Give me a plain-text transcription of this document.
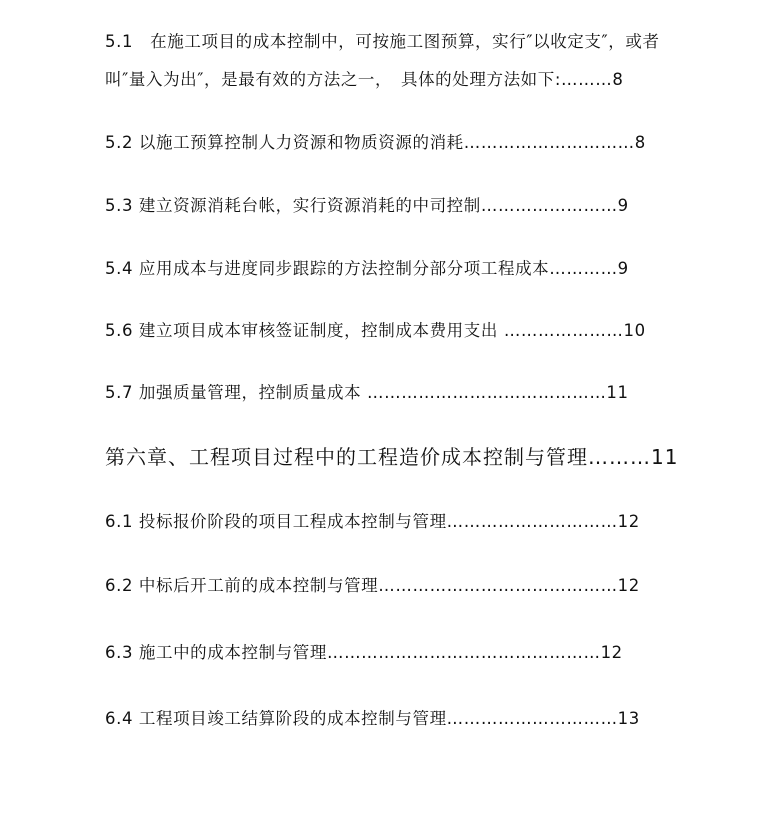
5.1　在施工项目的成本控制中，可按施工图预算，实行″以收定支″，或者
叫″量入为出″，是最有效的方法之一，　具体的处理方法如下:………8
5.2 以施工预算控制人力资源和物质资源的消耗…………………………8
5.3 建立资源消耗台帐，实行资源消耗的中司控制……………………9
5.4 应用成本与进度同步跟踪的方法控制分部分项工程成本…………9
5.6 建立项目成本审核签证制度，控制成本费用支出 …………………10
5.7 加强质量管理，控制质量成本 ……………………………………11
第六章、工程项目过程中的工程造价成本控制与管理………11
6.1 投标报价阶段的项目工程成本控制与管理…………………………12
6.2 中标后开工前的成本控制与管理……………………………………12
6.3 施工中的成本控制与管理…………………………………………12
6.4 工程项目竣工结算阶段的成本控制与管理…………………………13
